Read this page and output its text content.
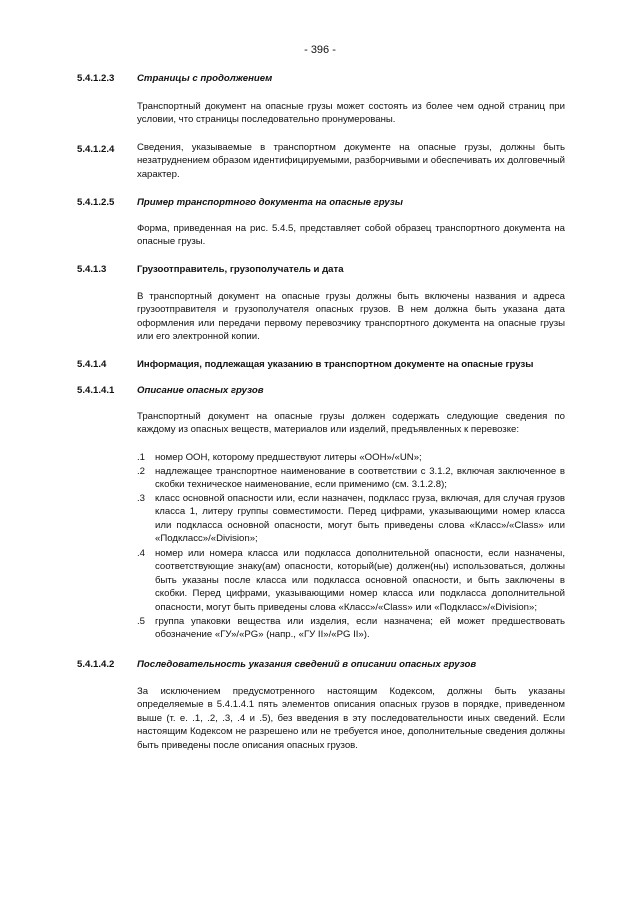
- 396 -
5.4.1.2.3 Страницы с продолжением
Транспортный документ на опасные грузы может состоять из более чем одной страниц при условии, что страницы последовательно пронумерованы.
5.4.1.2.4 Сведения, указываемые в транспортном документе на опасные грузы, должны быть незатруднением образом идентифицируемыми, разборчивыми и обеспечивать их долговечный характер.
5.4.1.2.5 Пример транспортного документа на опасные грузы
Форма, приведенная на рис. 5.4.5, представляет собой образец транспортного документа на опасные грузы.
5.4.1.3	Грузоотправитель, грузополучатель и дата
В транспортный документ на опасные грузы должны быть включены названия и адреса грузоотправителя и грузополучателя опасных грузов. В нем должна быть указана дата оформления или передачи первому перевозчику транспортного документа на опасные грузы или его электронной копии.
5.4.1.4	Информация, подлежащая указанию в транспортном документе на опасные грузы
5.4.1.4.1 Описание опасных грузов
Транспортный документ на опасные грузы должен содержать следующие сведения по каждому из опасных веществ, материалов или изделий, предъявленных к перевозке:
.1 номер ООН, которому предшествуют литеры «ООН»/«UN»;
.2 надлежащее транспортное наименование в соответствии с 3.1.2, включая заключенное в скобки техническое наименование, если применимо (см. 3.1.2.8);
.3 класс основной опасности или, если назначен, подкласс груза, включая, для случая грузов класса 1, литеру группы совместимости. Перед цифрами, указывающими номер класса или подкласса основной опасности, могут быть приведены слова «Класс»/«Class» или «Подкласс»/«Division»;
.4 номер или номера класса или подкласса дополнительной опасности, если назначены, соответствующие знаку(ам) опасности, который(ые) должен(ны) использоваться, должны быть указаны после класса или подкласса основной опасности, и быть заключены в скобки. Перед цифрами, указывающими номер класса или подкласса дополнительной опасности, могут быть приведены слова «Класс»/«Class» или «Подкласс»/«Division»;
.5 группа упаковки вещества или изделия, если назначена; ей может предшествовать обозначение «ГУ»/«PG» (напр., «ГУ II»/«PG II»).
5.4.1.4.2 Последовательность указания сведений в описании опасных грузов
За исключением предусмотренного настоящим Кодексом, должны быть указаны определяемые в 5.4.1.4.1 пять элементов описания опасных грузов в порядке, приведенном выше (т. е. .1, .2, .3, .4 и .5), без введения в эту последовательности иных сведений. Если настоящим Кодексом не разрешено или не требуется иное, дополнительные сведения должны быть приведены после описания опасных грузов.
